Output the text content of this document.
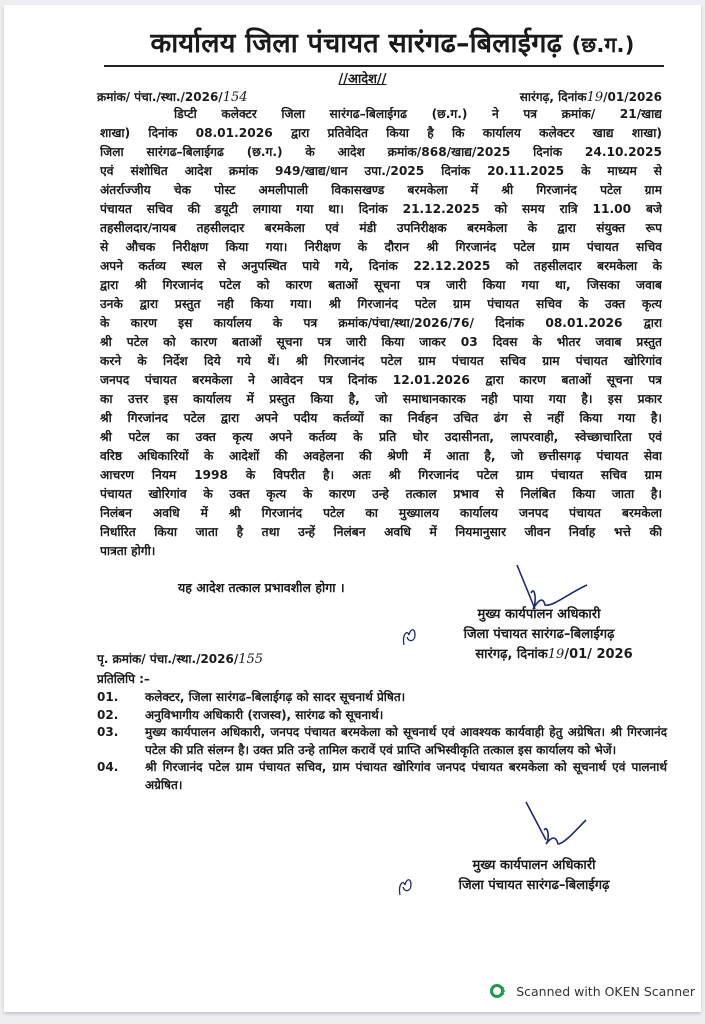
कार्यालय जिला पंचायत सारंगढ–बिलाईगढ़ (छ.ग.)
//आदेश//
क्रमांक/ पंचा./स्था./2026/154	सारंगढ़, दिनांक19/01/2026
डिप्टी कलेक्टर जिला सारंगढ–बिलाईगढ (छ.ग.) ने पत्र क्रमांक/ 21/खाद्य
शाखा) दिनांक 08.01.2026 द्वारा प्रतिवेदित किया है कि कार्यालय कलेक्टर खाद्य शाखा)
जिला सारंगढ–बिलाईगढ (छ.ग.) के आदेश क्रमांक/868/खाद्य/2025 दिनांक 24.10.2025
एवं संशोधित आदेश क्रमांक 949/खाद्य/धान उपा./2025 दिनांक 20.11.2025 के माध्यम से
अंतर्राज्जीय चेक पोस्ट अमलीपाली विकासखण्ड बरमकेला में श्री गिरजानंद पटेल ग्राम
पंचायत सचिव की डयूटी लगाया गया था। दिनांक 21.12.2025 को समय रात्रि 11.00 बजे
तहसीलदार/नायब तहसीलदार बरमकेला एवं मंडी उपनिरीक्षक बरमकेला के द्वारा संयुक्त रूप
से औचक निरीक्षण किया गया। निरीक्षण के दौरान श्री गिरजानंद पटेल ग्राम पंचायत सचिव
अपने कर्तव्य स्थल से अनुपस्थित पाये गये, दिनांक 22.12.2025 को तहसीलदार बरमकेला के
द्वारा श्री गिरजानंद पटेल को कारण बताओं सूचना पत्र जारी किया गया था, जिसका जवाब
उनके द्वारा प्रस्तुत नही किया गया। श्री गिरजानंद पटेल ग्राम पंचायत सचिव के उक्त कृत्य
के कारण इस कार्यालय के पत्र क्रमांक/पंचा/स्था/2026/76/ दिनांक 08.01.2026 द्वारा
श्री पटेल को कारण बताओं सूचना पत्र जारी किया जाकर 03 दिवस के भीतर जवाब प्रस्तुत
करने के निर्देश दिये गये थें। श्री गिरजानंद पटेल ग्राम पंचायत सचिव ग्राम पंचायत खोरिगांव
जनपद पंचायत बरमकेला ने आवेदन पत्र दिनांक 12.01.2026 द्वारा कारण बताओं सूचना पत्र
का उत्तर इस कार्यालय में प्रस्तुत किया है, जो समाधानकारक नही पाया गया है। इस प्रकार
श्री गिरजांनद पटेल द्वारा अपने पदीय कर्तव्यों का निर्वहन उचित ढंग से नहीं किया गया है।
श्री पटेल का उक्त कृत्य अपने कर्तव्य के प्रति घोर उदासीनता, लापरवाही, स्वेच्छाचारिता एवं
वरिष्ठ अधिकारियों के आदेशों की अवहेलना की श्रेणी में आता है, जो छत्तीसगढ़ पंचायत सेवा
आचरण नियम 1998 के विपरीत है। अतः श्री गिरजानंद पटेल ग्राम पंचायत सचिव ग्राम
पंचायत खोरिगांव के उक्त कृत्य के कारण उन्हे तत्काल प्रभाव से निलंबित किया जाता है।
निलंबन अवधि में श्री गिरजानंद पटेल का मुख्यालय कार्यालय जनपद पंचायत बरमकेला
निर्धारित किया जाता है तथा उन्हें निलंबन अवधि में नियमानुसार जीवन निर्वाह भत्ते की
पात्रता होगी।
यह आदेश तत्काल प्रभावशील होगा ।
मुख्य कार्यपालन अधिकारी
जिला पंचायत सारंगढ–बिलाईगढ़
सारंगढ़, दिनांक19/01/ 2026
पृ. क्रमांक/ पंचा./स्था./2026/155
प्रतिलिपि :–
01.	कलेक्टर, जिला सारंगढ–बिलाईगढ़ को सादर सूचनार्थ प्रेषित।
02.	अनुविभागीय अधिकारी (राजस्व), सारंगढ को सूचनार्थ।
03.	मुख्य कार्यपालन अधिकारी, जनपद पंचायत बरमकेला को सूचनार्थ एवं आवश्यक कार्यवाही हेतु अग्रेषित। श्री गिरजानंद पटेल की प्रति संलग्न है। उक्त प्रति उन्हे तामिल करावें एवं प्राप्ति अभिस्वीकृति तत्काल इस कार्यालय को भेजें।
04.	श्री गिरजानंद पटेल ग्राम पंचायत सचिव, ग्राम पंचायत खोरिगांव जनपद पंचायत बरमकेला को सूचनार्थ एवं पालनार्थ अग्रेषित।
मुख्य कार्यपालन अधिकारी
जिला पंचायत सारंगढ–बिलाईगढ़
Scanned with OKEN Scanner
